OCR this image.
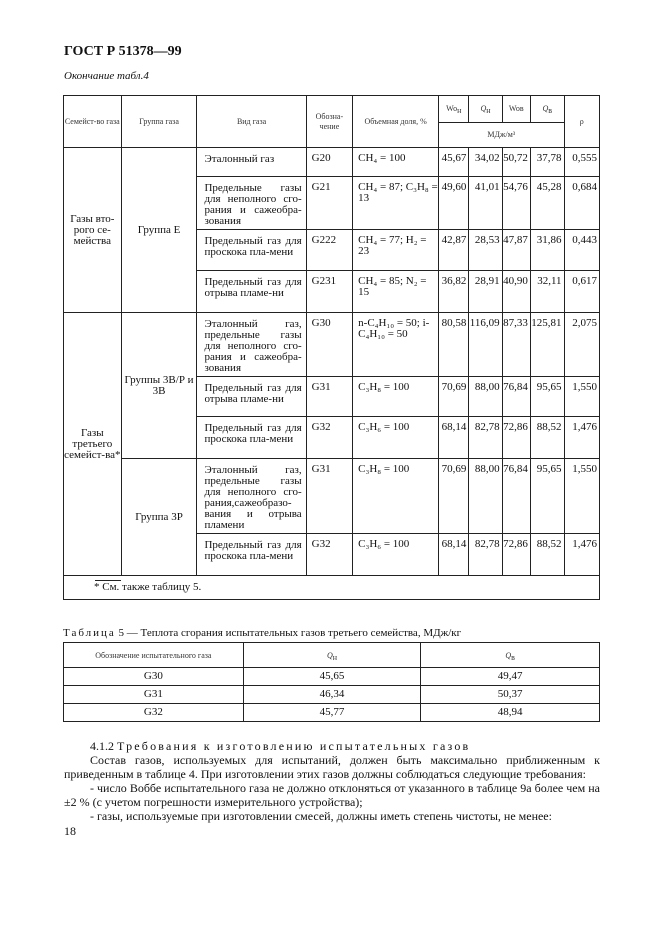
ГОСТ Р 51378—99
Окончание табл.4
Семейст-во газа	Группа газа	Вид газа	Обозна-чение	Объемная доля, %	$Wo_н$	$Q_н$	Woв	$Q_в$	ρ
					МДж/м³				
Газы вто-рого се-мейства	Группа Е	Эталонный газ	G20	CH₄ = 100	45,67	34,02	50,72	37,78	0,555
		Предельные газы для неполного сго-рания и сажеобра-зования	G21	CH₄ = 87; C₃H₈ = 13	49,60	41,01	54,76	45,28	0,684
		Предельный газ для проскока пла-мени	G222	CH₄ = 77; H₂ = 23	42,87	28,53	47,87	31,86	0,443
		Предельный газ для отрыва пламе-ни	G231	CH₄ = 85; N₂ = 15	36,82	28,91	40,90	32,11	0,617
Газы третьего семейст-ва*	Группы 3В/Р и 3В	Эталонный газ, предельные газы для неполного сго-рания и сажеобра-зования	G30	n-C₄H₁₀ = 50; i-C₄H₁₀ = 50	80,58	116,09	87,33	125,81	2,075
		Предельный газ для отрыва пламе-ни	G31	C₃H₈ = 100	70,69	88,00	76,84	95,65	1,550
		Предельный газ для проскока пла-мени	G32	C₃H₆ = 100	68,14	82,78	72,86	88,52	1,476
	Группа 3Р	Эталонный газ, предельные газы для неполного сго-рания,сажеобразо-вания и отрыва пламени	G31	C₃H₈ = 100	70,69	88,00	76,84	95,65	1,550
		Предельный газ для проскока пла-мени	G32	C₃H₆ = 100	68,14	82,78	72,86	88,52	1,476
* См. также таблицу 5.									
Таблица 5 — Теплота сгорания испытательных газов третьего семейства, МДж/кг
Обозначение испытательного газа	$Q_н$	$Q_в$
G30	45,65	49,47
G31	46,34	50,37
G32	45,77	48,94
4.1.2 Требования к изготовлению испытательных газов
Состав газов, используемых для испытаний, должен быть максимально приближенным к приведенным в таблице 4. При изготовлении этих газов должны соблюдаться следующие требования:
- число Воббе испытательного газа не должно отклоняться от указанного в таблице 9а более чем на ±2 % (с учетом погрешности измерительного устройства);
- газы, используемые при изготовлении смесей, должны иметь степень чистоты, не менее:
18
